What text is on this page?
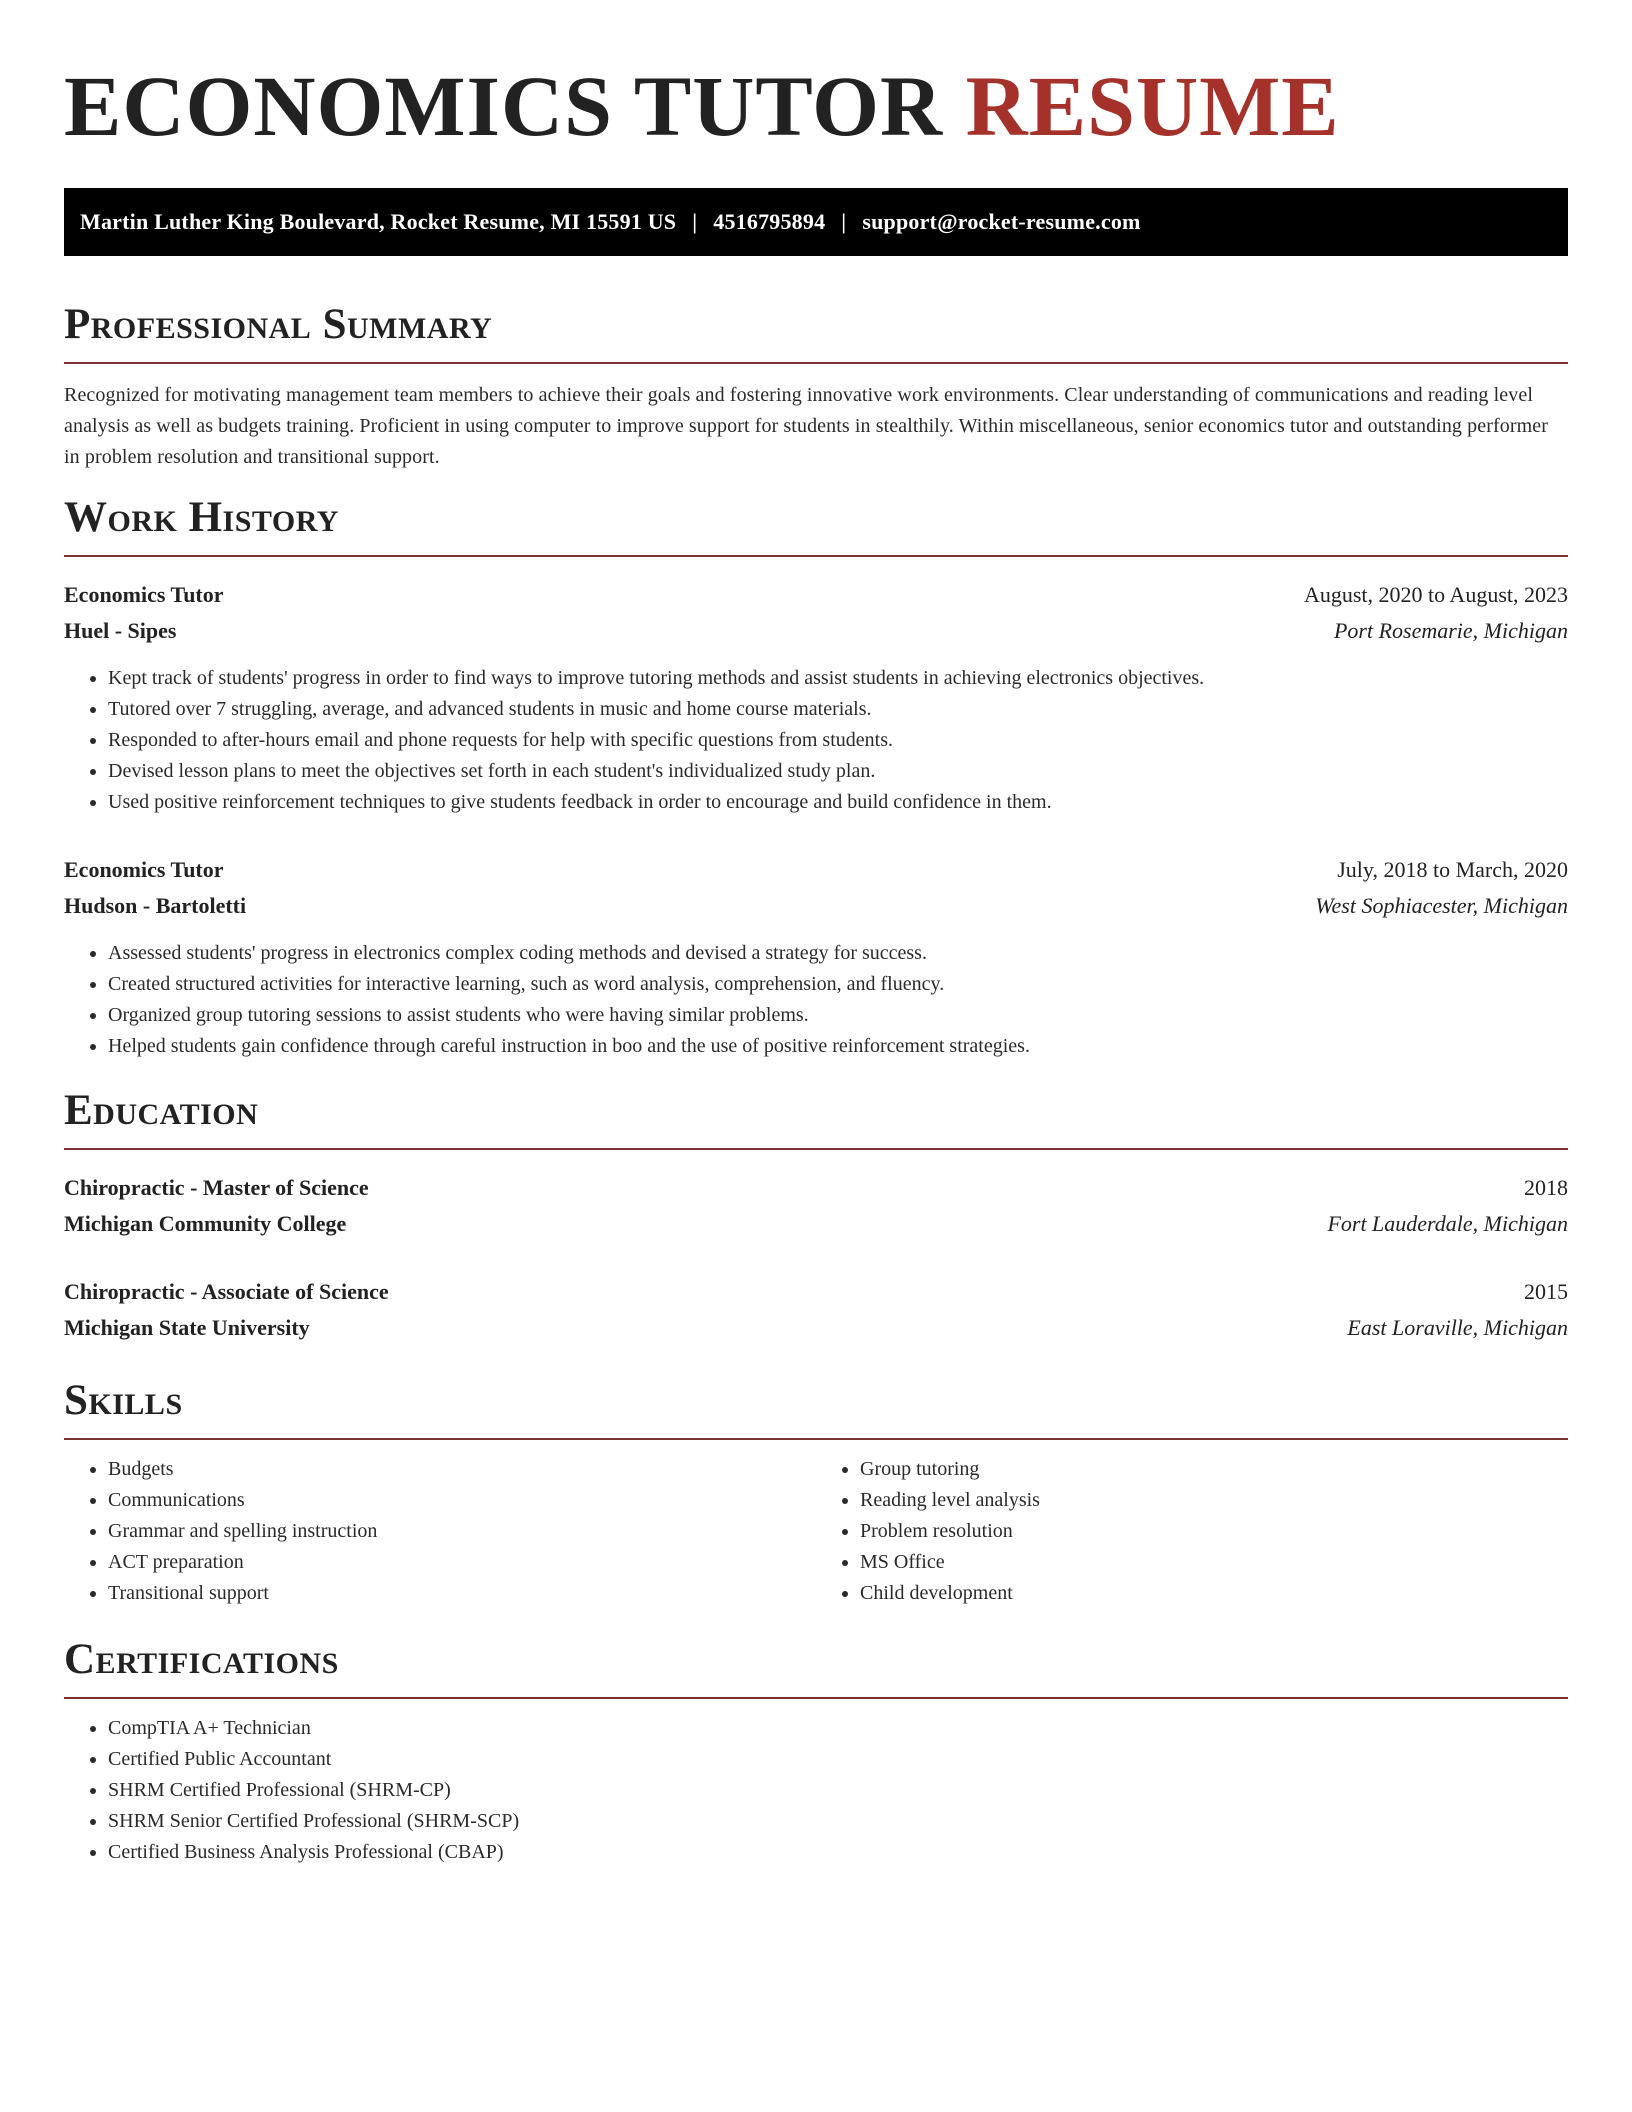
ECONOMICS TUTOR RESUME
Martin Luther King Boulevard, Rocket Resume, MI 15591 US | 4516795894 | support@rocket-resume.com
Professional Summary

Recognized for motivating management team members to achieve their goals and fostering innovative work environments. Clear understanding of communications and reading level analysis as well as budgets training. Proficient in using computer to improve support for students in stealthily. Within miscellaneous, senior economics tutor and outstanding performer in problem resolution and transitional support.

Work History
Economics Tutor	August, 2020 to August, 2023
Huel - Sipes	Port Rosemarie, Michigan
• Kept track of students' progress in order to find ways to improve tutoring methods and assist students in achieving electronics objectives.
• Tutored over 7 struggling, average, and advanced students in music and home course materials.
• Responded to after-hours email and phone requests for help with specific questions from students.
• Devised lesson plans to meet the objectives set forth in each student's individualized study plan.
• Used positive reinforcement techniques to give students feedback in order to encourage and build confidence in them.
Economics Tutor	July, 2018 to March, 2020
Hudson - Bartoletti	West Sophiacester, Michigan
• Assessed students' progress in electronics complex coding methods and devised a strategy for success.
• Created structured activities for interactive learning, such as word analysis, comprehension, and fluency.
• Organized group tutoring sessions to assist students who were having similar problems.
• Helped students gain confidence through careful instruction in boo and the use of positive reinforcement strategies.
Education
Chiropractic - Master of Science	2018
Michigan Community College	Fort Lauderdale, Michigan
Chiropractic - Associate of Science	2015
Michigan State University	East Loraville, Michigan
Skills
• Budgets
• Communications
• Grammar and spelling instruction
• ACT preparation
• Transitional support
• Group tutoring
• Reading level analysis
• Problem resolution
• MS Office
• Child development
Certifications
• CompTIA A+ Technician
• Certified Public Accountant
• SHRM Certified Professional (SHRM-CP)
• SHRM Senior Certified Professional (SHRM-SCP)
• Certified Business Analysis Professional (CBAP)
